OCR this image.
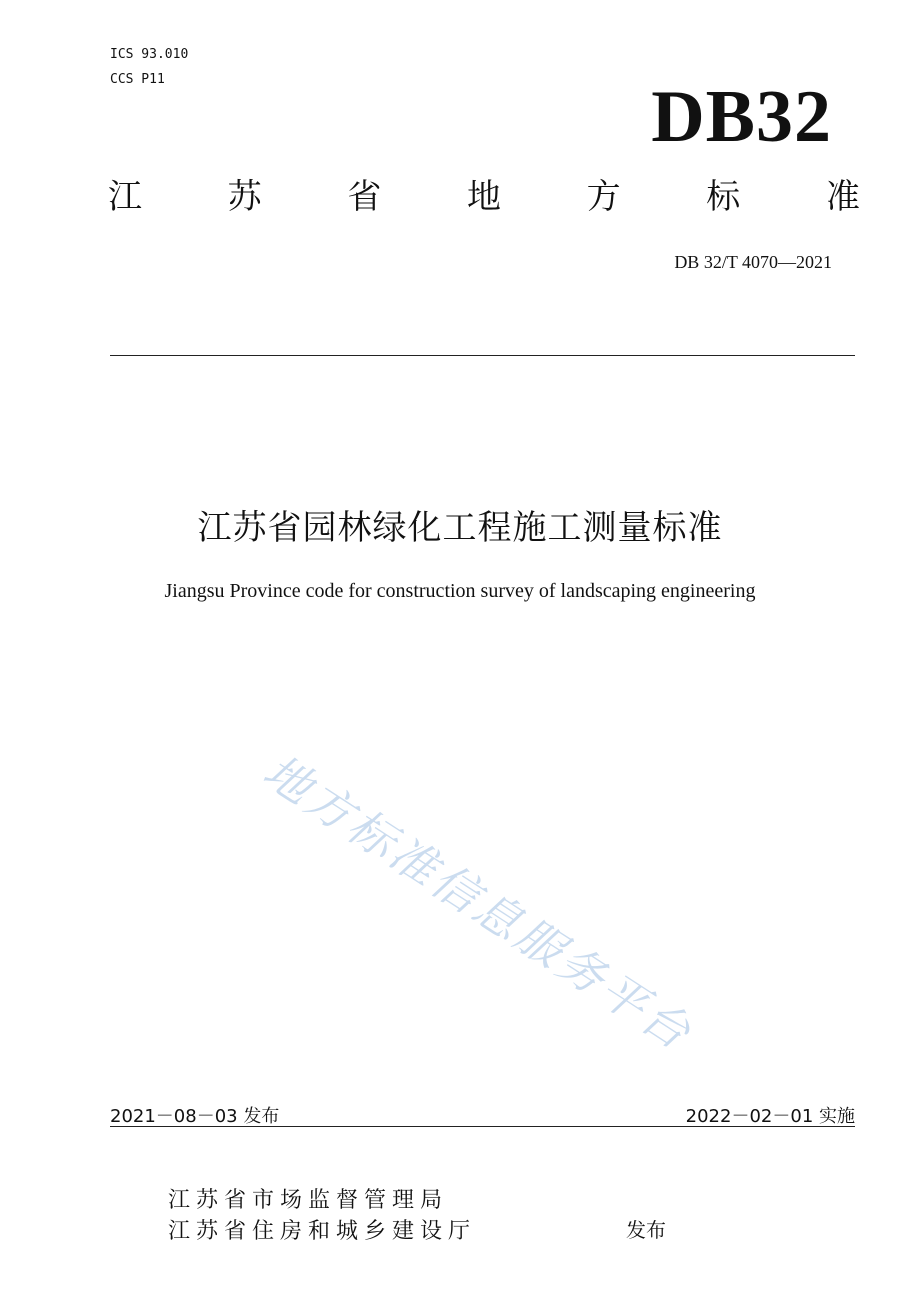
ICS 93.010
CCS P11	DB32
江	苏	省	地	方	标	准
DB 32/T 4070—2021
江苏省园林绿化工程施工测量标准
Jiangsu Province code for construction survey of landscaping engineering
地方标准信息服务平台
2021－08－03 发布	2022－02－01 实施
江苏省市场监督管理局
江苏省住房和城乡建设厅	发布
